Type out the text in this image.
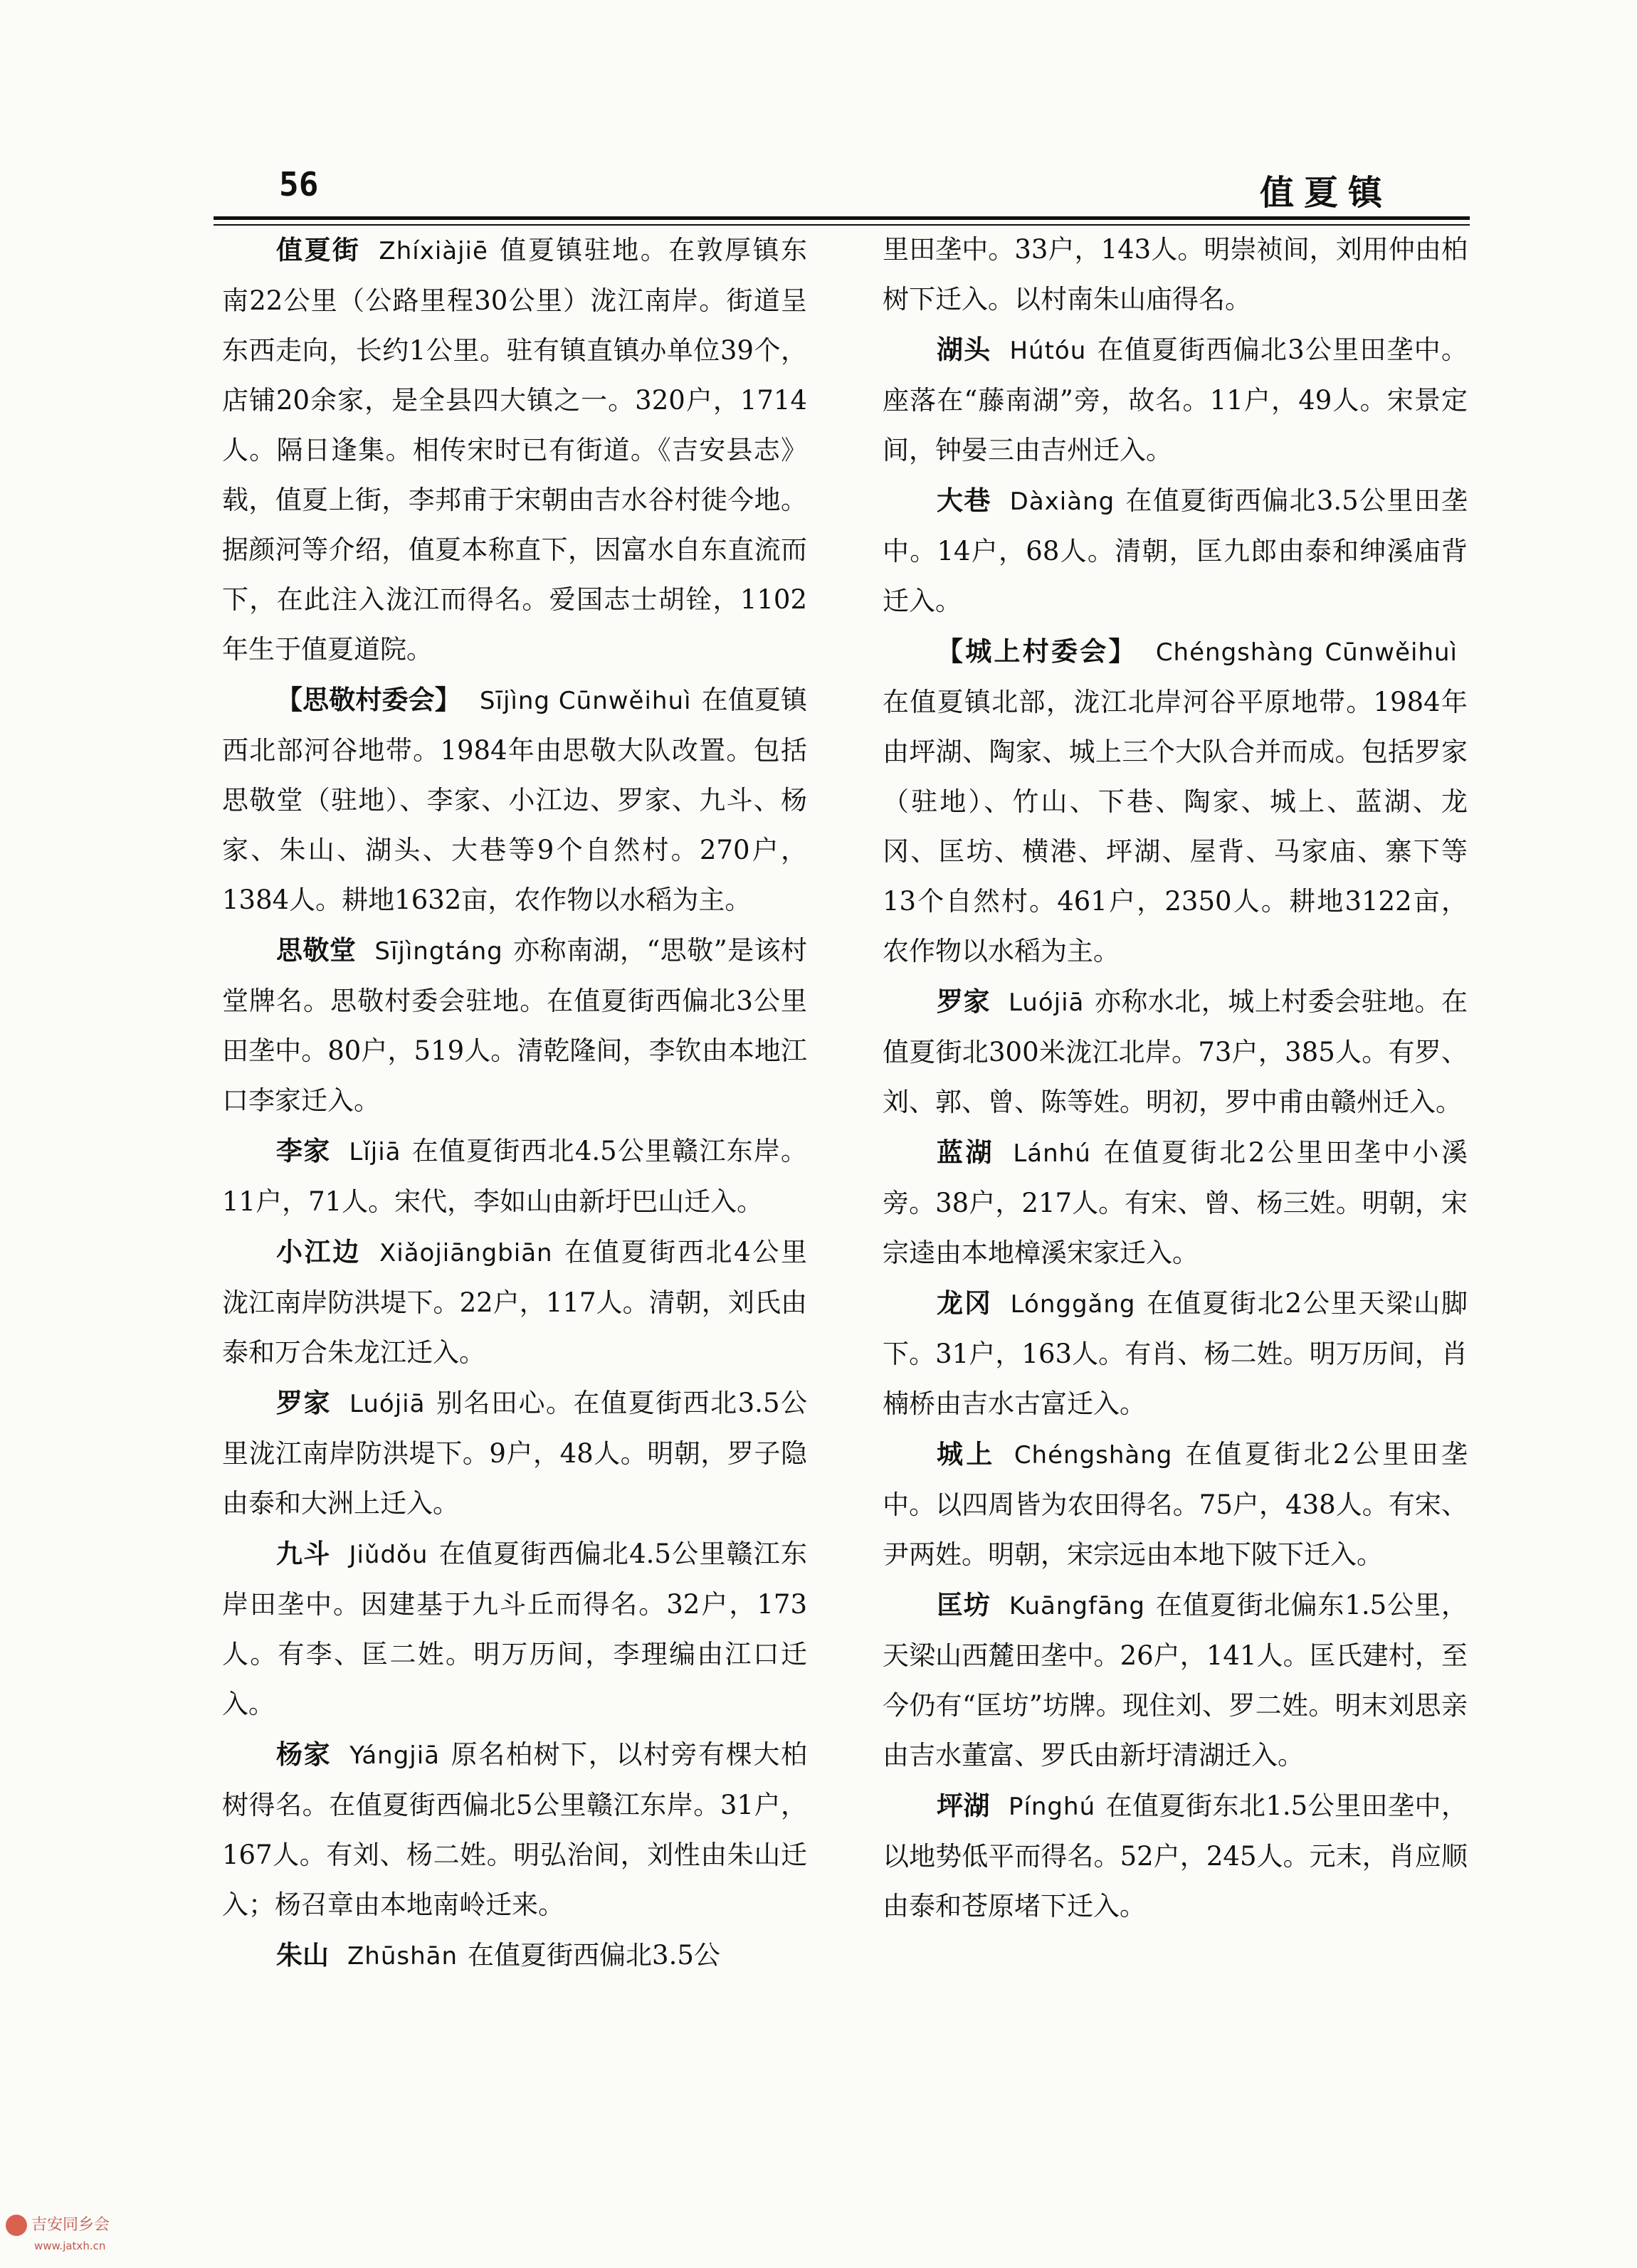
56	值夏镇

值夏街 Zhíxiàjiē 值夏镇驻地。在敦厚镇东南22公里（公路里程30公里）泷江南岸。街道呈东西走向，长约1公里。驻有镇直镇办单位39个，店铺20余家，是全县四大镇之一。320户，1714人。隔日逢集。相传宋时已有街道。《吉安县志》载，值夏上街，李邦甫于宋朝由吉水谷村徙今地。据颜河等介绍，值夏本称直下，因富水自东直流而下，在此注入泷江而得名。爱国志士胡铨，1102年生于值夏道院。

【思敬村委会】 Sījìng Cūnwěihuì 在值夏镇西北部河谷地带。1984年由思敬大队改置。包括思敬堂（驻地）、李家、小江边、罗家、九斗、杨家、朱山、湖头、大巷等9个自然村。270户，1384人。耕地1632亩，农作物以水稻为主。

思敬堂 Sījìngtáng 亦称南湖，“思敬”是该村堂牌名。思敬村委会驻地。在值夏街西偏北3公里田垄中。80户，519人。清乾隆间，李钦由本地江口李家迁入。

李家 Lǐjiā 在值夏街西北4.5公里赣江东岸。11户，71人。宋代，李如山由新圩巴山迁入。

小江边 Xiǎojiāngbiān 在值夏街西北4公里泷江南岸防洪堤下。22户，117人。清朝，刘氏由泰和万合朱龙江迁入。

罗家 Luójiā 别名田心。在值夏街西北3.5公里泷江南岸防洪堤下。9户，48人。明朝，罗子隐由泰和大洲上迁入。

九斗 Jiǔdǒu 在值夏街西偏北4.5公里赣江东岸田垄中。因建基于九斗丘而得名。32户，173人。有李、匡二姓。明万历间，李理编由江口迁入。

杨家 Yángjiā 原名柏树下，以村旁有棵大柏树得名。在值夏街西偏北5公里赣江东岸。31户，167人。有刘、杨二姓。明弘治间，刘性由朱山迁入；杨召章由本地南岭迁来。

朱山 Zhūshān 在值夏街西偏北3.5公

里田垄中。33户，143人。明崇祯间，刘用仲由柏树下迁入。以村南朱山庙得名。

湖头 Hútóu 在值夏街西偏北3公里田垄中。座落在“藤南湖”旁，故名。11户，49人。宋景定间，钟晏三由吉州迁入。

大巷 Dàxiàng 在值夏街西偏北3.5公里田垄中。14户，68人。清朝，匡九郎由泰和绅溪庙背迁入。

【城上村委会】 Chéngshàng Cūnwěihuì在值夏镇北部，泷江北岸河谷平原地带。1984年由坪湖、陶家、城上三个大队合并而成。包括罗家（驻地）、竹山、下巷、陶家、城上、蓝湖、龙冈、匡坊、横港、坪湖、屋背、马家庙、寨下等13个自然村。461户，2350人。耕地3122亩，农作物以水稻为主。

罗家 Luójiā 亦称水北，城上村委会驻地。在值夏街北300米泷江北岸。73户，385人。有罗、刘、郭、曾、陈等姓。明初，罗中甫由赣州迁入。

蓝湖 Lánhú 在值夏街北2公里田垄中小溪旁。38户，217人。有宋、曾、杨三姓。明朝，宋宗逵由本地樟溪宋家迁入。

龙冈 Lónggǎng 在值夏街北2公里天梁山脚下。31户，163人。有肖、杨二姓。明万历间，肖楠桥由吉水古富迁入。

城上 Chéngshàng 在值夏街北2公里田垄中。以四周皆为农田得名。75户，438人。有宋、尹两姓。明朝，宋宗远由本地下陂下迁入。

匡坊 Kuāngfāng 在值夏街北偏东1.5公里，天梁山西麓田垄中。26户，141人。匡氏建村，至今仍有“匡坊”坊牌。现住刘、罗二姓。明末刘思亲由吉水董富、罗氏由新圩清湖迁入。

坪湖 Pínghú 在值夏街东北1.5公里田垄中，以地势低平而得名。52户，245人。元末，肖应顺由泰和苍原堵下迁入。

吉安同乡会
www.jatxh.cn
